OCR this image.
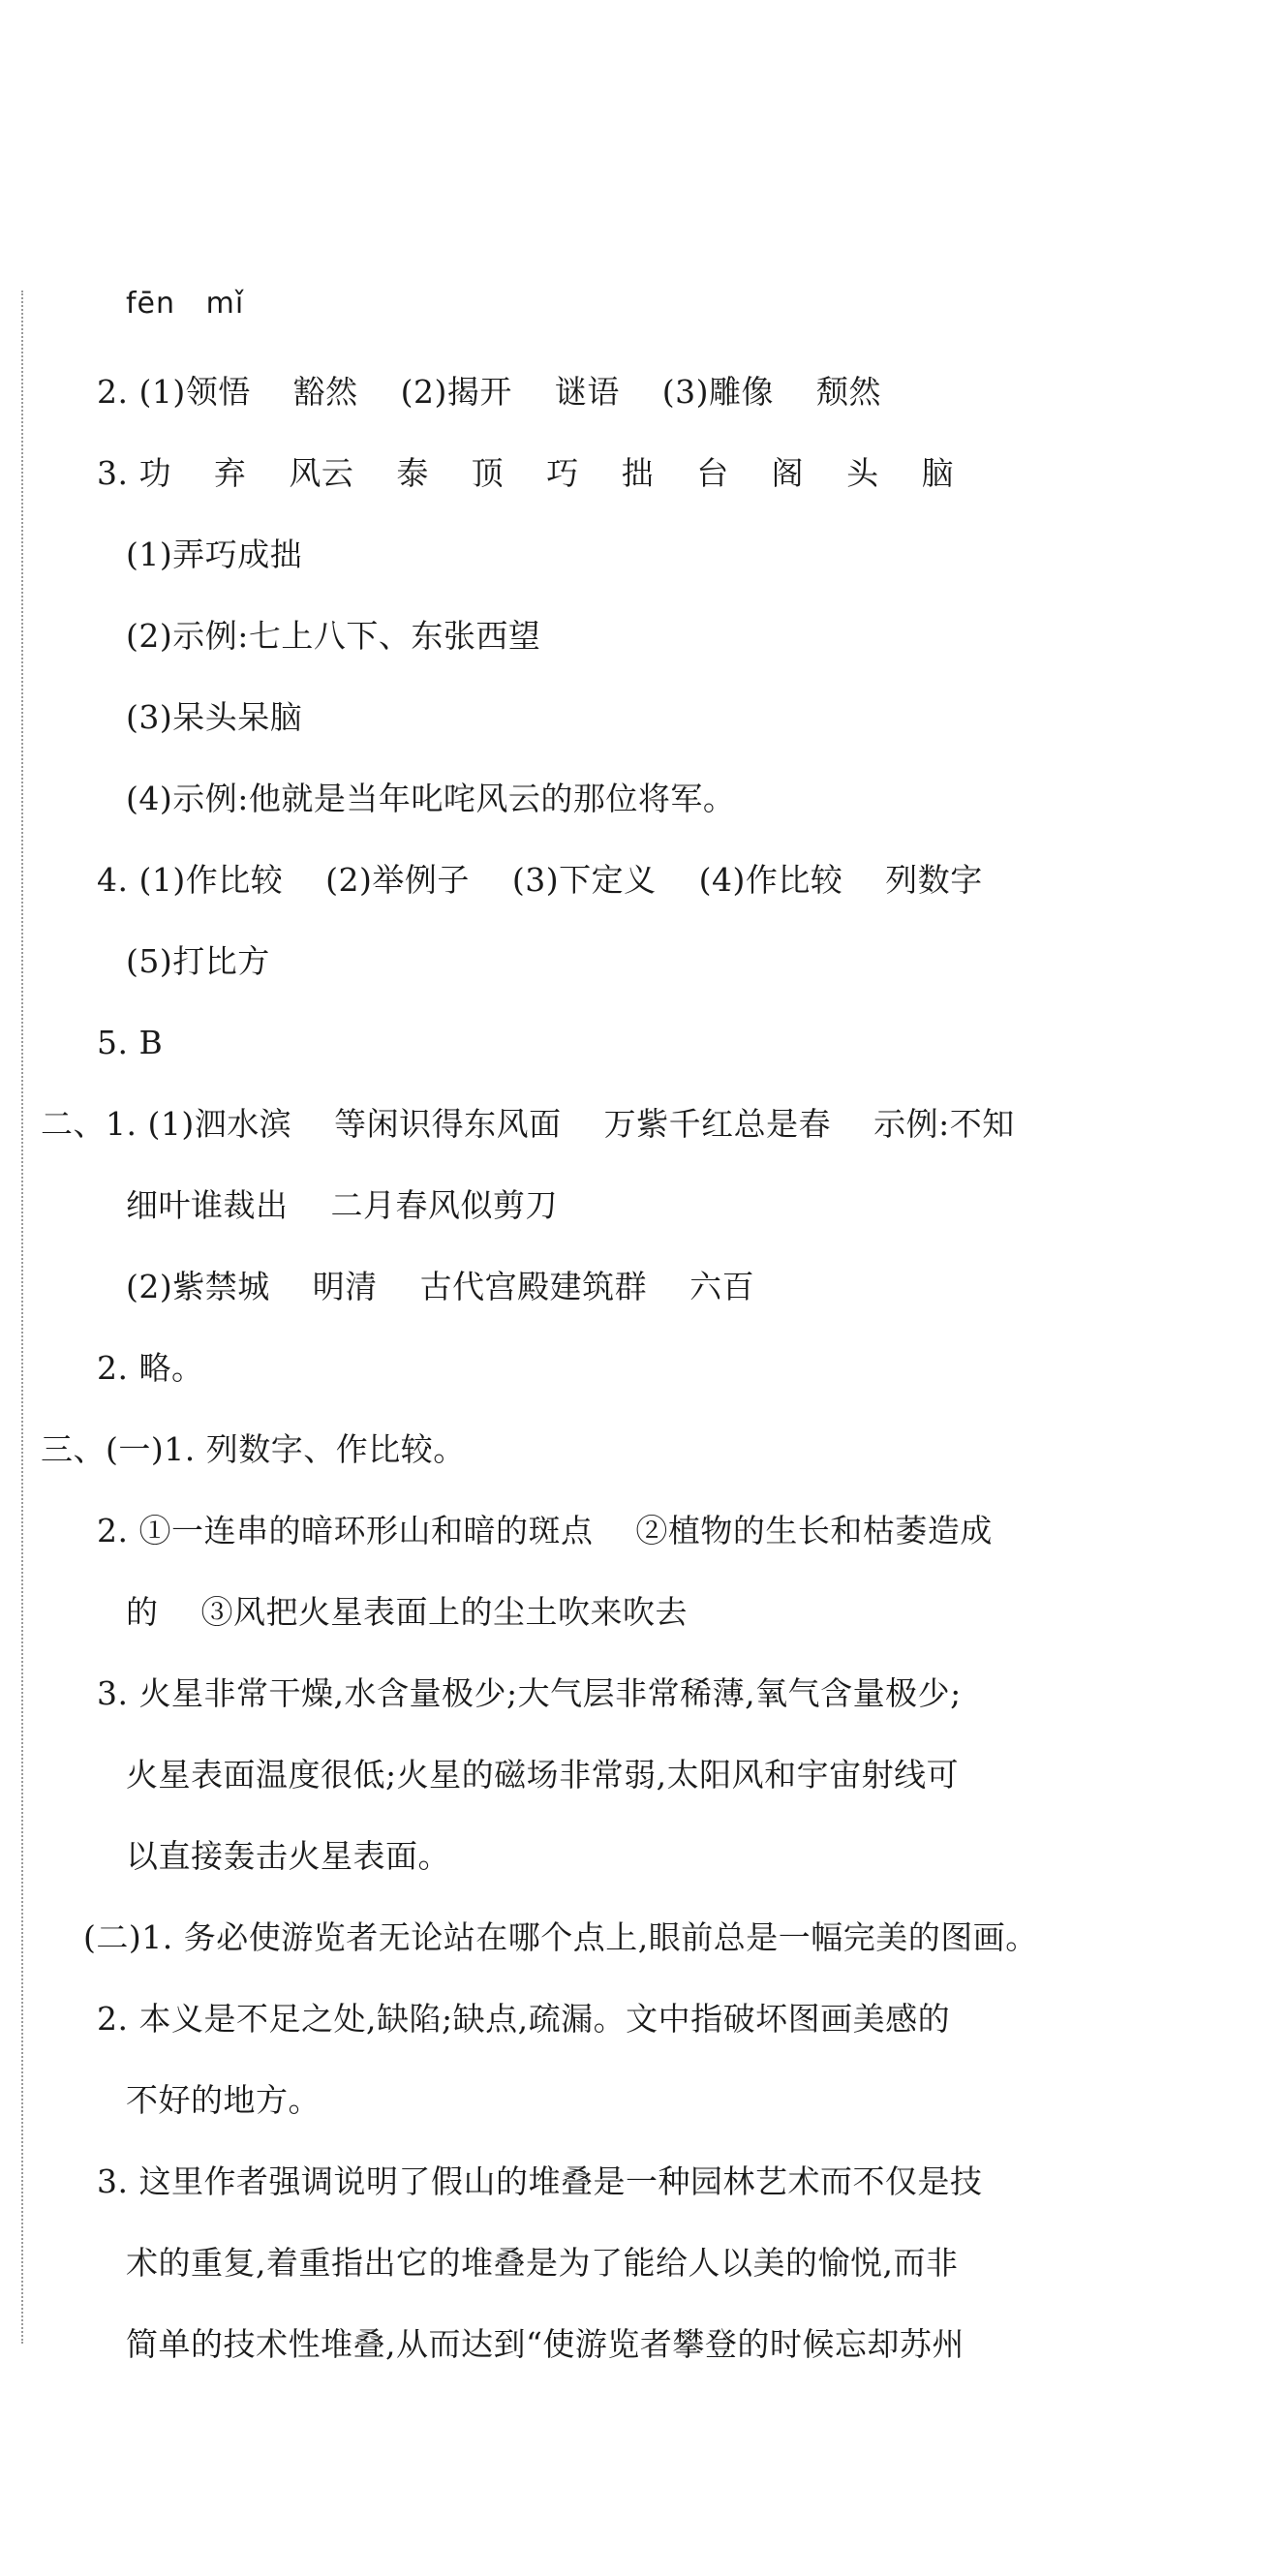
fēn   mǐ
2. (1)领悟    豁然    (2)揭开    谜语    (3)雕像    颓然
3. 功    弃    风云    泰    顶    巧    拙    台    阁    头    脑
(1)弄巧成拙
(2)示例:七上八下、东张西望
(3)呆头呆脑
(4)示例:他就是当年叱咤风云的那位将军。
4. (1)作比较    (2)举例子    (3)下定义    (4)作比较    列数字
(5)打比方
5. B
二、1. (1)泗水滨    等闲识得东风面    万紫千红总是春    示例:不知
细叶谁裁出    二月春风似剪刀
(2)紫禁城    明清    古代宫殿建筑群    六百
2. 略。
三、(一)1. 列数字、作比较。
2. ①一连串的暗环形山和暗的斑点    ②植物的生长和枯萎造成
的    ③风把火星表面上的尘土吹来吹去
3. 火星非常干燥,水含量极少;大气层非常稀薄,氧气含量极少;
火星表面温度很低;火星的磁场非常弱,太阳风和宇宙射线可
以直接轰击火星表面。
(二)1. 务必使游览者无论站在哪个点上,眼前总是一幅完美的图画。
2. 本义是不足之处,缺陷;缺点,疏漏。文中指破坏图画美感的
不好的地方。
3. 这里作者强调说明了假山的堆叠是一种园林艺术而不仅是技
术的重复,着重指出它的堆叠是为了能给人以美的愉悦,而非
简单的技术性堆叠,从而达到“使游览者攀登的时候忘却苏州
